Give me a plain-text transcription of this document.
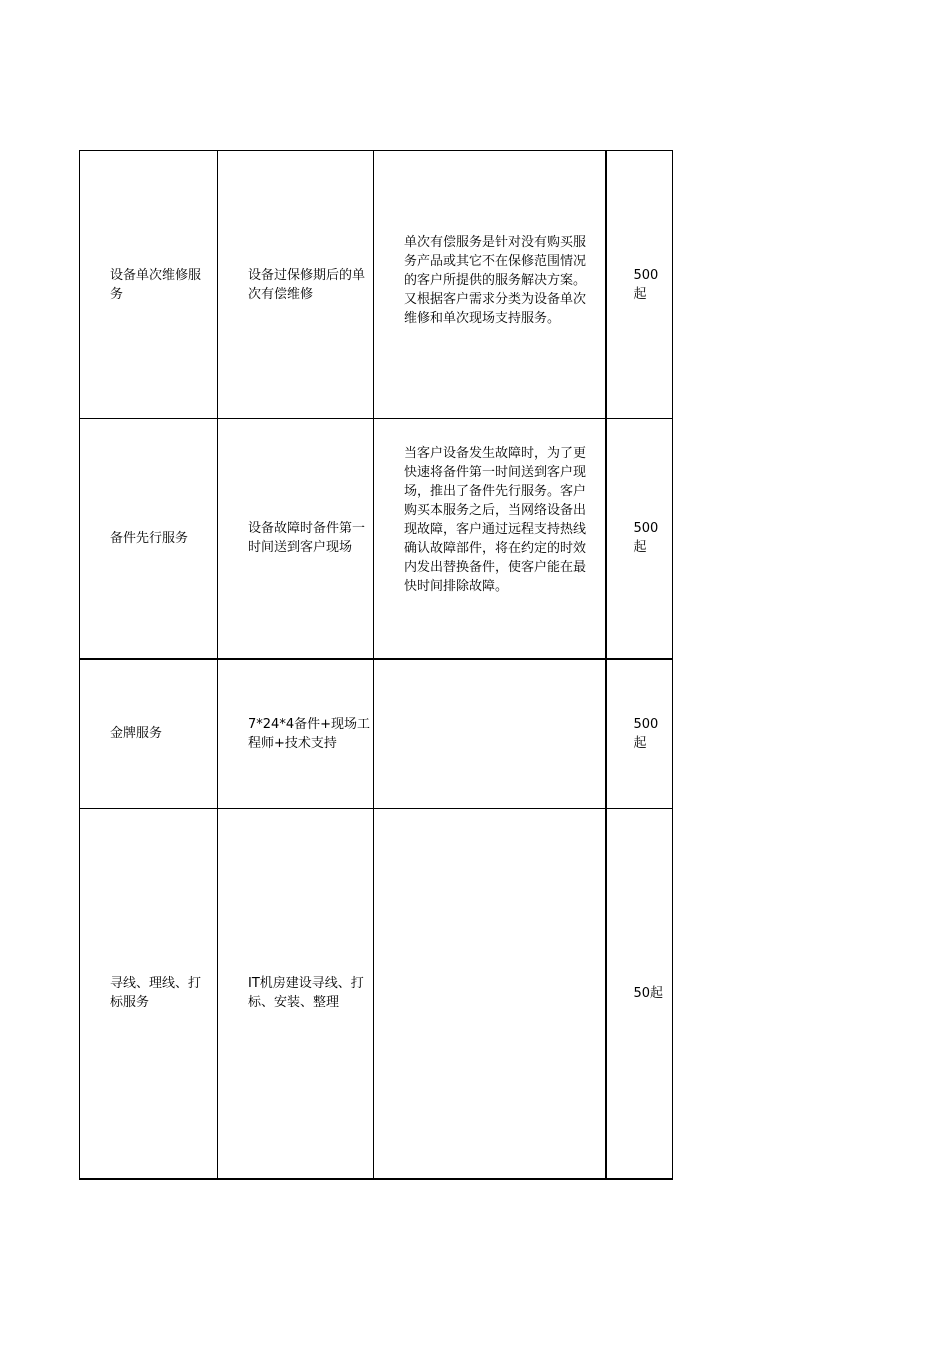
设备单次维修服务	设备过保修期后的单次有偿维修	单次有偿服务是针对没有购买服务产品或其它不在保修范围情况的客户所提供的服务解决方案。又根据客户需求分类为设备单次维修和单次现场支持服务。	500起

备件先行服务	设备故障时备件第一时间送到客户现场	当客户设备发生故障时，为了更快速将备件第一时间送到客户现场，推出了备件先行服务。客户购买本服务之后，当网络设备出现故障，客户通过远程支持热线确认故障部件，将在约定的时效内发出替换备件，使客户能在最快时间排除故障。	500起

金牌服务	7*24*4备件+现场工程师+技术支持		500起

寻线、理线、打标服务	IT机房建设寻线、打标、安装、整理		50起
